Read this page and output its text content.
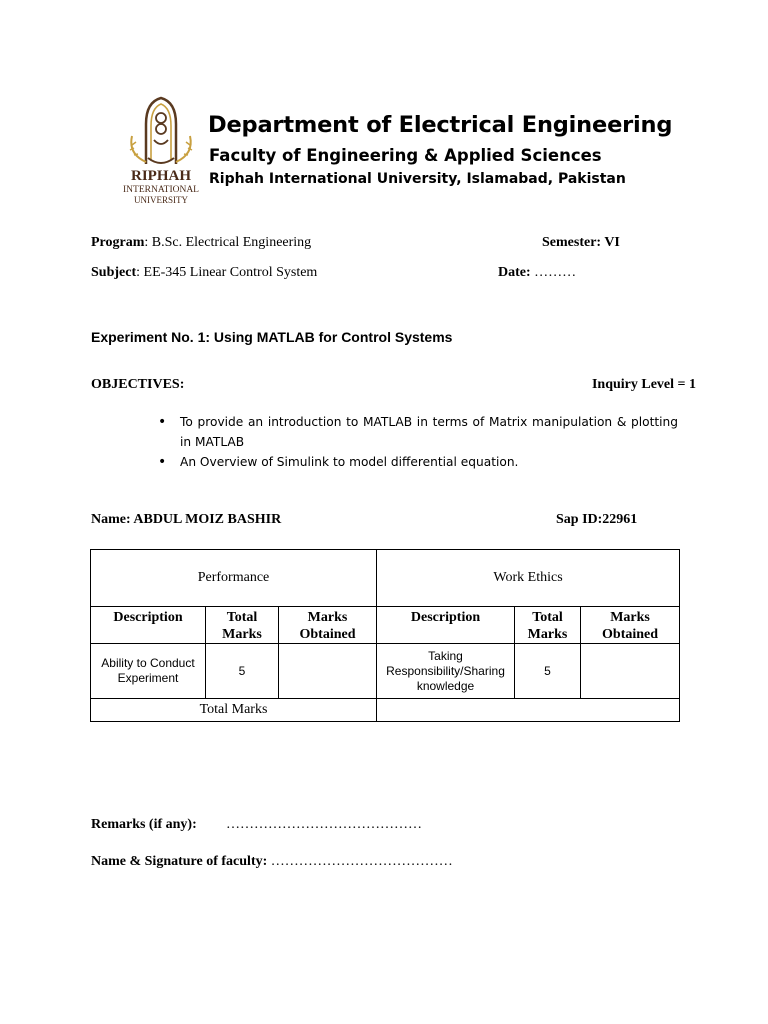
RIPHAH
INTERNATIONAL
UNIVERSITY
Department of Electrical Engineering
Faculty of Engineering & Applied Sciences
Riphah International University, Islamabad, Pakistan
Program: B.Sc. Electrical Engineering	Semester: VI
Subject: EE-345 Linear Control System	Date: ………
Experiment No. 1: Using MATLAB for Control Systems
OBJECTIVES:	Inquiry Level = 1
•	To provide an introduction to MATLAB in terms of Matrix manipulation & plotting in MATLAB
•	An Overview of Simulink to model differential equation.
Name: ABDUL MOIZ BASHIR	Sap ID:22961
Performance			Work Ethics		
Description	Total Marks	Marks Obtained	Description	Total Marks	Marks Obtained
Ability to Conduct Experiment	5		Taking Responsibility/Sharing knowledge	5	
Total Marks					
Remarks (if any): ……………………………………
Name & Signature of faculty: …………………………………
